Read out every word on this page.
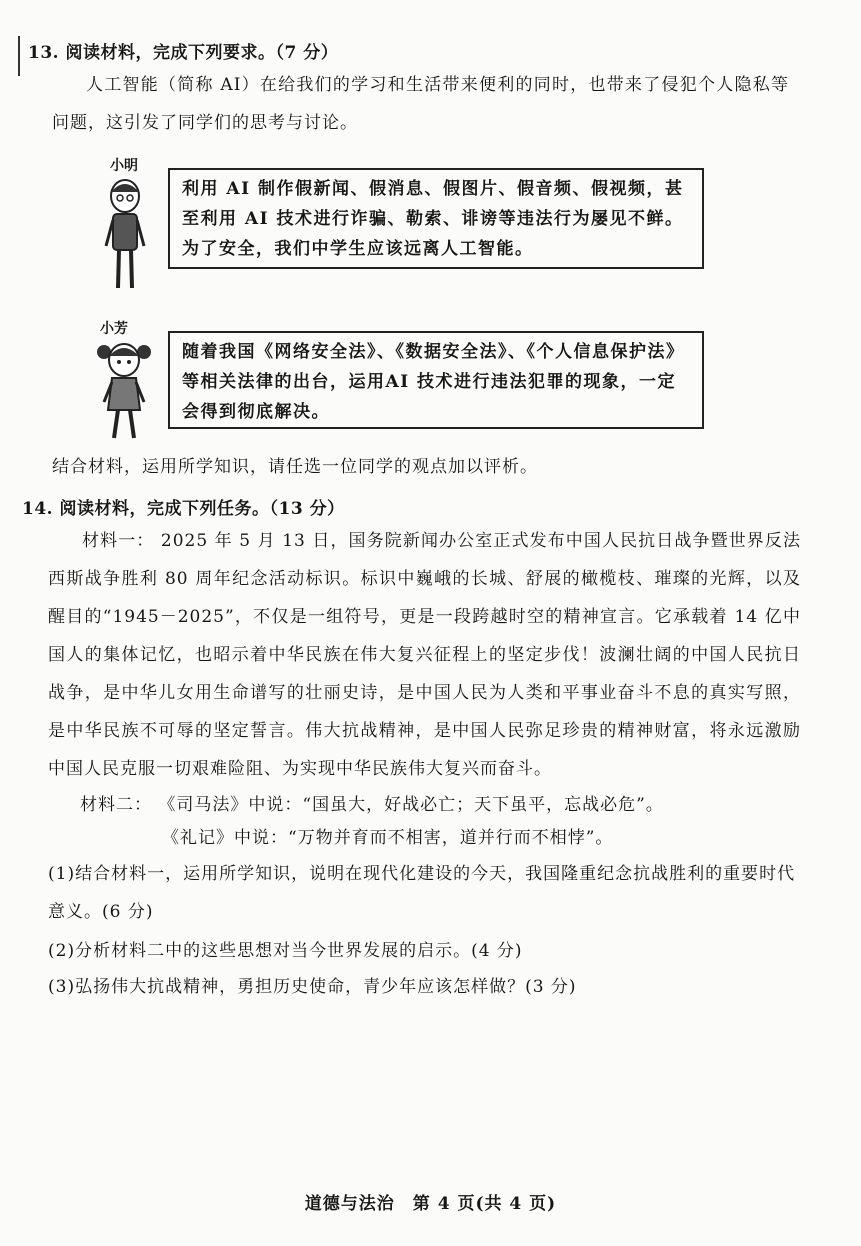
13. 阅读材料，完成下列要求。（7 分）
人工智能（简称 AI）在给我们的学习和生活带来便利的同时，也带来了侵犯个人隐私等问题，这引发了同学们的思考与讨论。
小明
利用 AI 制作假新闻、假消息、假图片、假音频、假视频，甚至利用 AI 技术进行诈骗、勒索、诽谤等违法行为屡见不鲜。为了安全，我们中学生应该远离人工智能。
小芳
随着我国《网络安全法》、《数据安全法》、《个人信息保护法》等相关法律的出台，运用AI 技术进行违法犯罪的现象，一定会得到彻底解决。
结合材料，运用所学知识，请任选一位同学的观点加以评析。
14. 阅读材料，完成下列任务。（13 分）
材料一： 2025 年 5 月 13 日，国务院新闻办公室正式发布中国人民抗日战争暨世界反法西斯战争胜利 80 周年纪念活动标识。标识中巍峨的长城、舒展的橄榄枝、璀璨的光辉，以及醒目的“1945－2025”，不仅是一组符号，更是一段跨越时空的精神宣言。它承载着 14 亿中国人的集体记忆，也昭示着中华民族在伟大复兴征程上的坚定步伐！波澜壮阔的中国人民抗日战争，是中华儿女用生命谱写的壮丽史诗，是中国人民为人类和平事业奋斗不息的真实写照，是中华民族不可辱的坚定誓言。伟大抗战精神，是中国人民弥足珍贵的精神财富，将永远激励中国人民克服一切艰难险阻、为实现中华民族伟大复兴而奋斗。
材料二： 《司马法》中说：“国虽大，好战必亡；天下虽平，忘战必危”。
《礼记》中说：“万物并育而不相害，道并行而不相悖”。
(1)结合材料一，运用所学知识，说明在现代化建设的今天，我国隆重纪念抗战胜利的重要时代意义。(6 分)
(2)分析材料二中的这些思想对当今世界发展的启示。(4 分)
(3)弘扬伟大抗战精神，勇担历史使命，青少年应该怎样做？(3 分)
道德与法治　第 4 页(共 4 页)
